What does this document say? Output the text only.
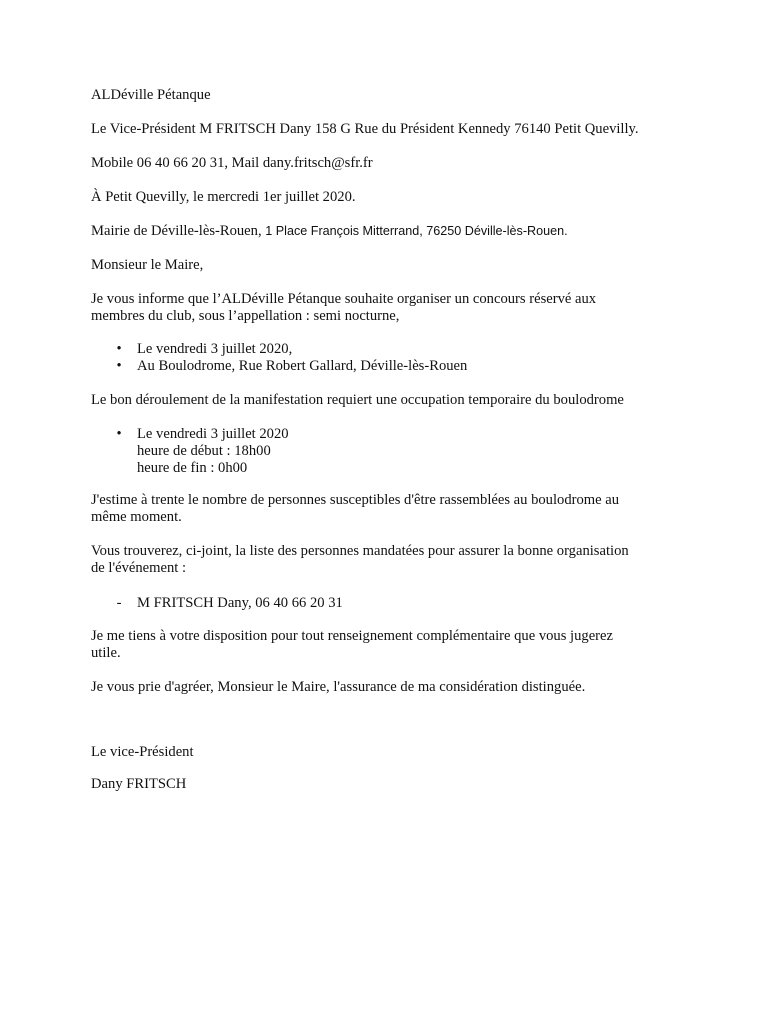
ALDéville Pétanque
Le Vice-Président M FRITSCH Dany 158 G Rue du Président Kennedy 76140 Petit Quevilly.
Mobile 06 40 66 20 31, Mail dany.fritsch@sfr.fr
À Petit Quevilly, le mercredi 1er juillet 2020.
Mairie de Déville-lès-Rouen, 1 Place François Mitterrand, 76250 Déville-lès-Rouen.
Monsieur le Maire,
Je vous informe que l’ALDéville Pétanque souhaite organiser un concours réservé aux
membres du club, sous l’appellation : semi nocturne,
• Le vendredi 3 juillet 2020,
• Au Boulodrome, Rue Robert Gallard, Déville-lès-Rouen
Le bon déroulement de la manifestation requiert une occupation temporaire du boulodrome
• Le vendredi 3 juillet 2020
heure de début : 18h00
heure de fin : 0h00
J'estime à trente le nombre de personnes susceptibles d'être rassemblées au boulodrome au
même moment.
Vous trouverez, ci-joint, la liste des personnes mandatées pour assurer la bonne organisation
de l'événement :
- M FRITSCH Dany, 06 40 66 20 31
Je me tiens à votre disposition pour tout renseignement complémentaire que vous jugerez
utile.
Je vous prie d'agréer, Monsieur le Maire, l'assurance de ma considération distinguée.
Le vice-Président
Dany FRITSCH
